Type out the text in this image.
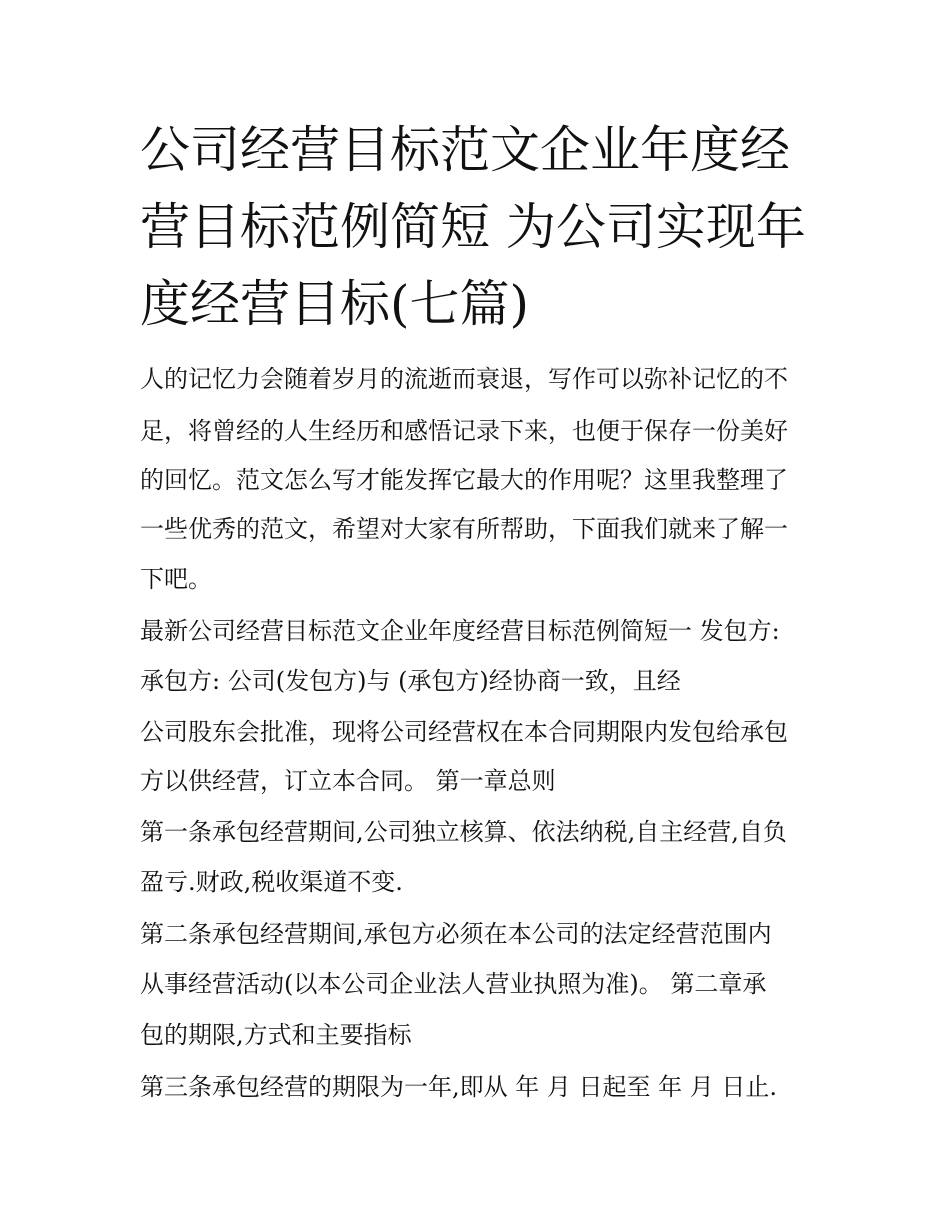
公司经营目标范文企业年度经
营目标范例简短 为公司实现年
度经营目标(七篇)

人的记忆力会随着岁月的流逝而衰退，写作可以弥补记忆的不

足，将曾经的人生经历和感悟记录下来，也便于保存一份美好

的回忆。范文怎么写才能发挥它最大的作用呢？这里我整理了

一些优秀的范文，希望对大家有所帮助，下面我们就来了解一

下吧。

最新公司经营目标范文企业年度经营目标范例简短一 发包方:

承包方: 公司(发包方)与 (承包方)经协商一致，且经

公司股东会批准，现将公司经营权在本合同期限内发包给承包

方以供经营，订立本合同。 第一章总则

第一条承包经营期间,公司独立核算、依法纳税,自主经营,自负

盈亏.财政,税收渠道不变.

第二条承包经营期间,承包方必须在本公司的法定经营范围内

从事经营活动(以本公司企业法人营业执照为准)。 第二章承

包的期限,方式和主要指标

第三条承包经营的期限为一年,即从 年 月 日起至 年 月 日止.
